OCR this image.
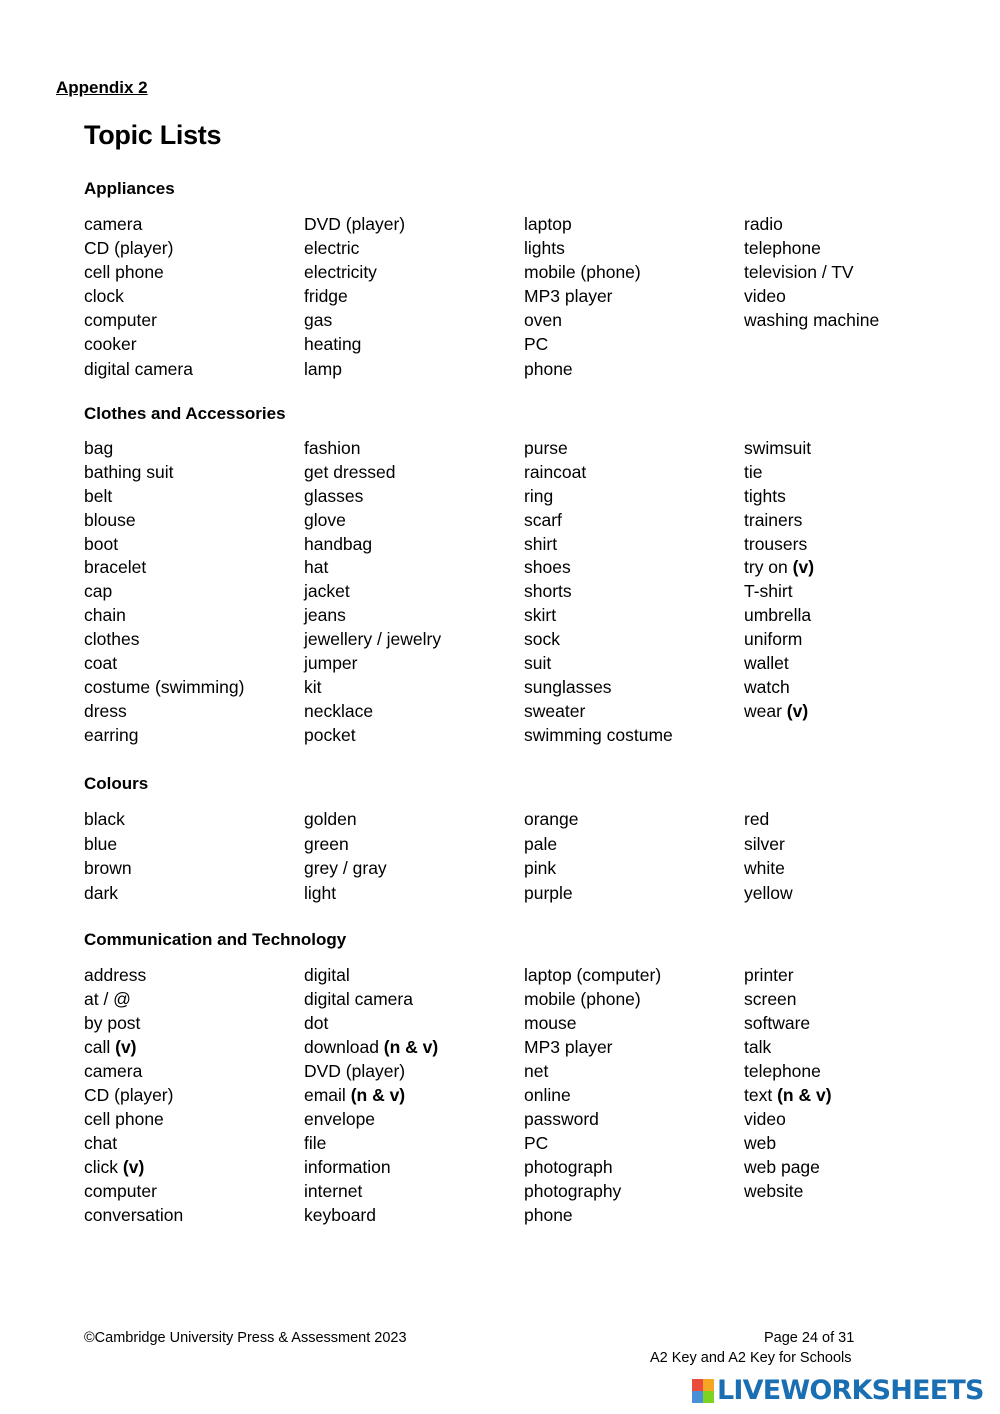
Appendix 2
Topic Lists
Appliances
camera
CD (player)
cell phone
clock
computer
cooker
digital camera
DVD (player)
electric
electricity
fridge
gas
heating
lamp
laptop
lights
mobile (phone)
MP3 player
oven
PC
phone
radio
telephone
television / TV
video
washing machine
Clothes and Accessories
bag
bathing suit
belt
blouse
boot
bracelet
cap
chain
clothes
coat
costume (swimming)
dress
earring
fashion
get dressed
glasses
glove
handbag
hat
jacket
jeans
jewellery / jewelry
jumper
kit
necklace
pocket
purse
raincoat
ring
scarf
shirt
shoes
shorts
skirt
sock
suit
sunglasses
sweater
swimming costume
swimsuit
tie
tights
trainers
trousers
try on (v)
T-shirt
umbrella
uniform
wallet
watch
wear (v)
Colours
black
blue
brown
dark
golden
green
grey / gray
light
orange
pale
pink
purple
red
silver
white
yellow
Communication and Technology
address
at / @
by post
call (v)
camera
CD (player)
cell phone
chat
click (v)
computer
conversation
digital
digital camera
dot
download (n & v)
DVD (player)
email (n & v)
envelope
file
information
internet
keyboard
laptop (computer)
mobile (phone)
mouse
MP3 player
net
online
password
PC
photograph
photography
phone
printer
screen
software
talk
telephone
text (n & v)
video
web
web page
website
©Cambridge University Press & Assessment 2023	Page 24 of 31
A2 Key and A2 Key for Schools
LIVEWORKSHEETS
